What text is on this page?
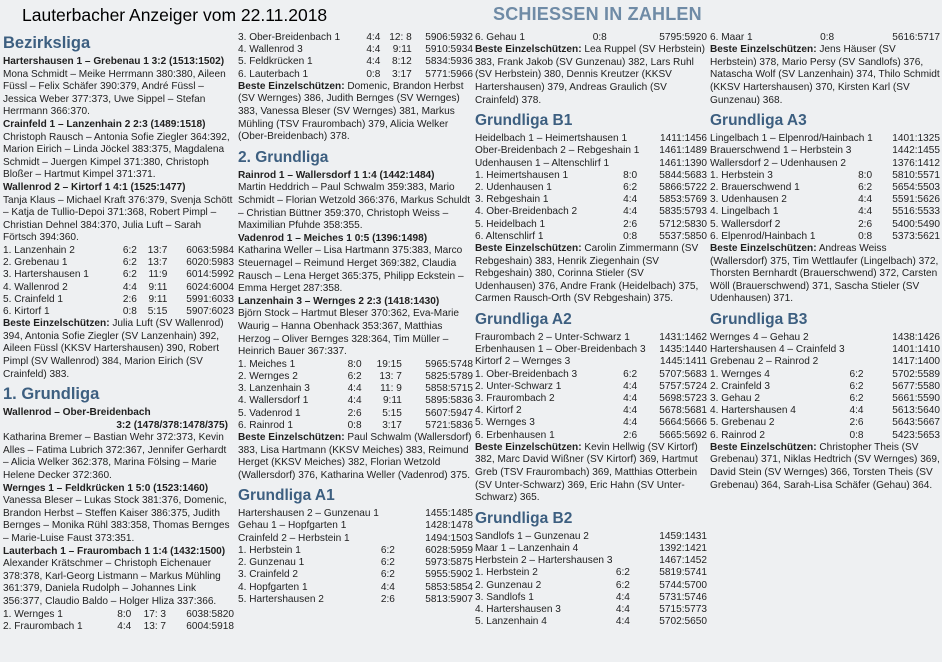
Lauterbacher Anzeiger vom 22.11.2018	SCHIESSEN IN ZAHLEN
Bezirksliga
Hartershausen 1 – Grebenau 1 3:2 (1513:1502)

Mona Schmidt – Meike Herrmann 380:380, Aileen Füssl – Felix Schäfer 390:379, André Füssl – Jessica Weber 377:373, Uwe Sippel – Stefan Herrmann 366:370.

Crainfeld 1 – Lanzenhain 2 2:3 (1489:1518)

Christoph Rausch – Antonia Sofie Ziegler 364:392, Marion Eirich – Linda Jöckel 383:375, Magdalena Schmidt – Juergen Kimpel 371:380, Christoph Bloßer – Hartmut Kimpel 371:371.

Wallenrod 2 – Kirtorf 1 4:1 (1525:1477)

Tanja Klaus – Michael Kraft 376:379, Svenja Schött – Katja de Tullio-Depoi 371:368, Robert Pimpl – Christian Dehnel 384:370, Julia Luft – Sarah Förtsch 394:360.

1. Lanzenhain 2	6:2	13:7	6063:5984
2. Grebenau 1	6:2	13:7	6020:5983
3. Hartershausen 1	6:2	11:9	6014:5992
4. Wallenrod 2	4:4	9:11	6024:6004
5. Crainfeld 1	2:6	9:11	5991:6033
6. Kirtorf 1	0:8	5:15	5907:6023

Beste Einzelschützen: Julia Luft (SV Wallenrod) 394, Antonia Sofie Ziegler (SV Lanzenhain) 392, Aileen Füssl (KKSV Hartershausen) 390, Robert Pimpl (SV Wallenrod) 384, Marion Eirich (SV Crainfeld) 383.

1. Grundliga
Wallenrod – Ober-Breidenbach
3:2 (1478/378:1478/375)

Katharina Bremer – Bastian Wehr 372:373, Kevin Alles – Fatima Lubrich 372:367, Jennifer Gerhardt – Alicia Welker 362:378, Marina Fölsing – Marie Helene Decker 372:360.

Wernges 1 – Feldkrücken 1 5:0 (1523:1460)

Vanessa Bleser – Lukas Stock 381:376, Domenic, Brandon Herbst – Steffen Kaiser 386:375, Judith Bernges – Monika Rühl 383:358, Thomas Bernges – Marie-Luise Faust 373:351.

Lauterbach 1 – Fraurombach 1 1:4 (1432:1500)

Alexander Krätschmer – Christoph Eichenauer 378:378, Karl-Georg Listmann – Markus Mühling 361:379, Daniela Rudolph – Johannes Link 356:377, Claudio Baldo – Holger Hliza 337:366.

1. Wernges 1	8:0	17: 3	6038:5820
2. Fraurombach 1	4:4	13: 7	6004:5918
3. Ober-Breidenbach 1	4:4	12: 8	5906:5932
4. Wallenrod 3	4:4	9:11	5910:5934
5. Feldkrücken 1	4:4	8:12	5834:5936
6. Lauterbach 1	0:8	3:17	5771:5966

Beste Einzelschützen: Domenic, Brandon Herbst (SV Wernges) 386, Judith Bernges (SV Wernges) 383, Vanessa Bleser (SV Wernges) 381, Markus Mühling (TSV Fraurombach) 379, Alicia Welker (Ober-Breidenbach) 378.

2. Grundliga
Rainrod 1 – Wallersdorf 1 1:4 (1442:1484)

Martin Heddrich – Paul Schwalm 359:383, Mario Schmidt – Florian Wetzold 366:376, Markus Schuldt – Christian Büttner 359:370, Christoph Weiss – Maximilian Pfuhde 358:355.

Vadenrod 1 – Meiches 1 0:5 (1396:1498)

Katharina Weller – Lisa Hartmann 375:383, Marco Steuernagel – Reimund Herget 369:382, Claudia Rausch – Lena Herget 365:375, Philipp Eckstein – Emma Herget 287:358.

Lanzenhain 3 – Wernges 2 2:3 (1418:1430)

Björn Stock – Hartmut Bleser 370:362, Eva-Marie Waurig – Hanna Obenhack 353:367, Matthias Herzog – Oliver Bernges 328:364, Tim Müller – Heinrich Bauer 367:337.

1. Meiches 1	8:0	19:15	5965:5748
2. Wernges 2	6:2	13: 7	5825:5789
3. Lanzenhain 3	4:4	11: 9	5858:5715
4. Wallersdorf 1	4:4	9:11	5895:5836
5. Vadenrod 1	2:6	5:15	5607:5947
6. Rainrod 1	0:8	3:17	5721:5836

Beste Einzelschützen: Paul Schwalm (Wallersdorf) 383, Lisa Hartmann (KKSV Meiches) 383, Reimund Herget (KKSV Meiches) 382, Florian Wetzold (Wallersdorf) 376, Katharina Weller (Vadenrod) 375.

Grundliga A1
Hartershausen 2 – Gunzenau 1	1455:1485
Gehau 1 – Hopfgarten 1	1428:1478
Crainfeld 2 – Herbstein 1	1494:1503
1. Herbstein 1	6:2	6028:5959
2. Gunzenau 1	6:2	5973:5875
3. Crainfeld 2	6:2	5955:5902
4. Hopfgarten 1	4:4	5853:5854
5. Hartershausen 2	2:6	5813:5907
6. Gehau 1	0:8	5795:5920

Beste Einzelschützen: Lea Ruppel (SV Herbstein) 383, Frank Jakob (SV Gunzenau) 382, Lars Ruhl (SV Herbstein) 380, Dennis Kreutzer (KKSV Hartershausen) 379, Andreas Graulich (SV Crainfeld) 378.

Grundliga B1
Heidelbach 1 – Heimertshausen 1	1411:1456
Ober-Breidenbach 2 – Rebgeshain 1	1461:1489
Udenhausen 1 – Altenschlirf 1	1461:1390
1. Heimertshausen 1	8:0	5844:5683
2. Udenhausen 1	6:2	5866:5722
3. Rebgeshain 1	4:4	5853:5769
4. Ober-Breidenbach 2	4:4	5835:5793
5. Heidelbach 1	2:6	5712:5830
6. Altenschlirf 1	0:8	5537:5850

Beste Einzelschützen: Carolin Zimmermann (SV Rebgeshain) 383, Henrik Ziegenhain (SV Rebgeshain) 380, Corinna Stieler (SV Udenhausen) 376, Andre Frank (Heidelbach) 375, Carmen Rausch-Orth (SV Rebgeshain) 375.

Grundliga A2
Fraurombach 2 – Unter-Schwarz 1	1431:1462
Erbenhausen 1 – Ober-Breidenbach 3	1435:1440
Kirtorf 2 – Wernges 3	1445:1411
1. Ober-Breidenbach 3	6:2	5707:5683
2. Unter-Schwarz 1	4:4	5757:5724
3. Fraurombach 2	4:4	5698:5723
4. Kirtorf 2	4:4	5678:5681
5. Wernges 3	4:4	5664:5666
6. Erbenhausen 1	2:6	5665:5692

Beste Einzelschützen: Kevin Hellwig (SV Kirtorf) 382, Marc David Wißner (SV Kirtorf) 369, Hartmut Greb (TSV Fraurombach) 369, Matthias Otterbein (SV Unter-Schwarz) 369, Eric Hahn (SV Unter-Schwarz) 365.

Grundliga B2
Sandlofs 1 – Gunzenau 2	1459:1431
Maar 1 – Lanzenhain 4	1392:1421
Herbstein 2 – Hartershausen 3	1467:1452
1. Herbstein 2	6:2	5819:5741
2. Gunzenau 2	6:2	5744:5700
3. Sandlofs 1	4:4	5731:5746
4. Hartershausen 3	4:4	5715:5773
5. Lanzenhain 4	4:4	5702:5650
6. Maar 1	0:8	5616:5717

Beste Einzelschützen: Jens Häuser (SV Herbstein) 378, Mario Persy (SV Sandlofs) 376, Natascha Wolf (SV Lanzenhain) 374, Thilo Schmidt (KKSV Hartershausen) 370, Kirsten Karl (SV Gunzenau) 368.

Grundliga A3
Lingelbach 1 – Elpenrod/Hainbach 1	1401:1325
Brauerschwend 1 – Herbstein 3	1442:1455
Wallersdorf 2 – Udenhausen 2	1376:1412
1. Herbstein 3	8:0	5810:5571
2. Brauerschwend 1	6:2	5654:5503
3. Udenhausen 2	4:4	5591:5626
4. Lingelbach 1	4:4	5516:5533
5. Wallersdorf 2	2:6	5400:5490
6. Elpenrod/Hainbach 1	0:8	5373:5621

Beste Einzelschützen: Andreas Weiss (Wallersdorf) 375, Tim Wettlaufer (Lingelbach) 372, Thorsten Bernhardt (Brauerschwend) 372, Carsten Wöll (Brauerschwend) 371, Sascha Stieler (SV Udenhausen) 371.

Grundliga B3
Wernges 4 – Gehau 2	1438:1426
Hartershausen 4 – Crainfeld 3	1401:1410
Grebenau 2 – Rainrod 2	1417:1400
1. Wernges 4	6:2	5702:5589
2. Crainfeld 3	6:2	5677:5580
3. Gehau 2	6:2	5661:5590
4. Hartershausen 4	4:4	5613:5640
5. Grebenau 2	2:6	5643:5667
6. Rainrod 2	0:8	5423:5653

Beste Einzelschützen: Christopher Theis (SV Grebenau) 371, Niklas Hedtrich (SV Wernges) 369, David Stein (SV Wernges) 366, Torsten Theis (SV Grebenau) 364, Sarah-Lisa Schäfer (Gehau) 364.
